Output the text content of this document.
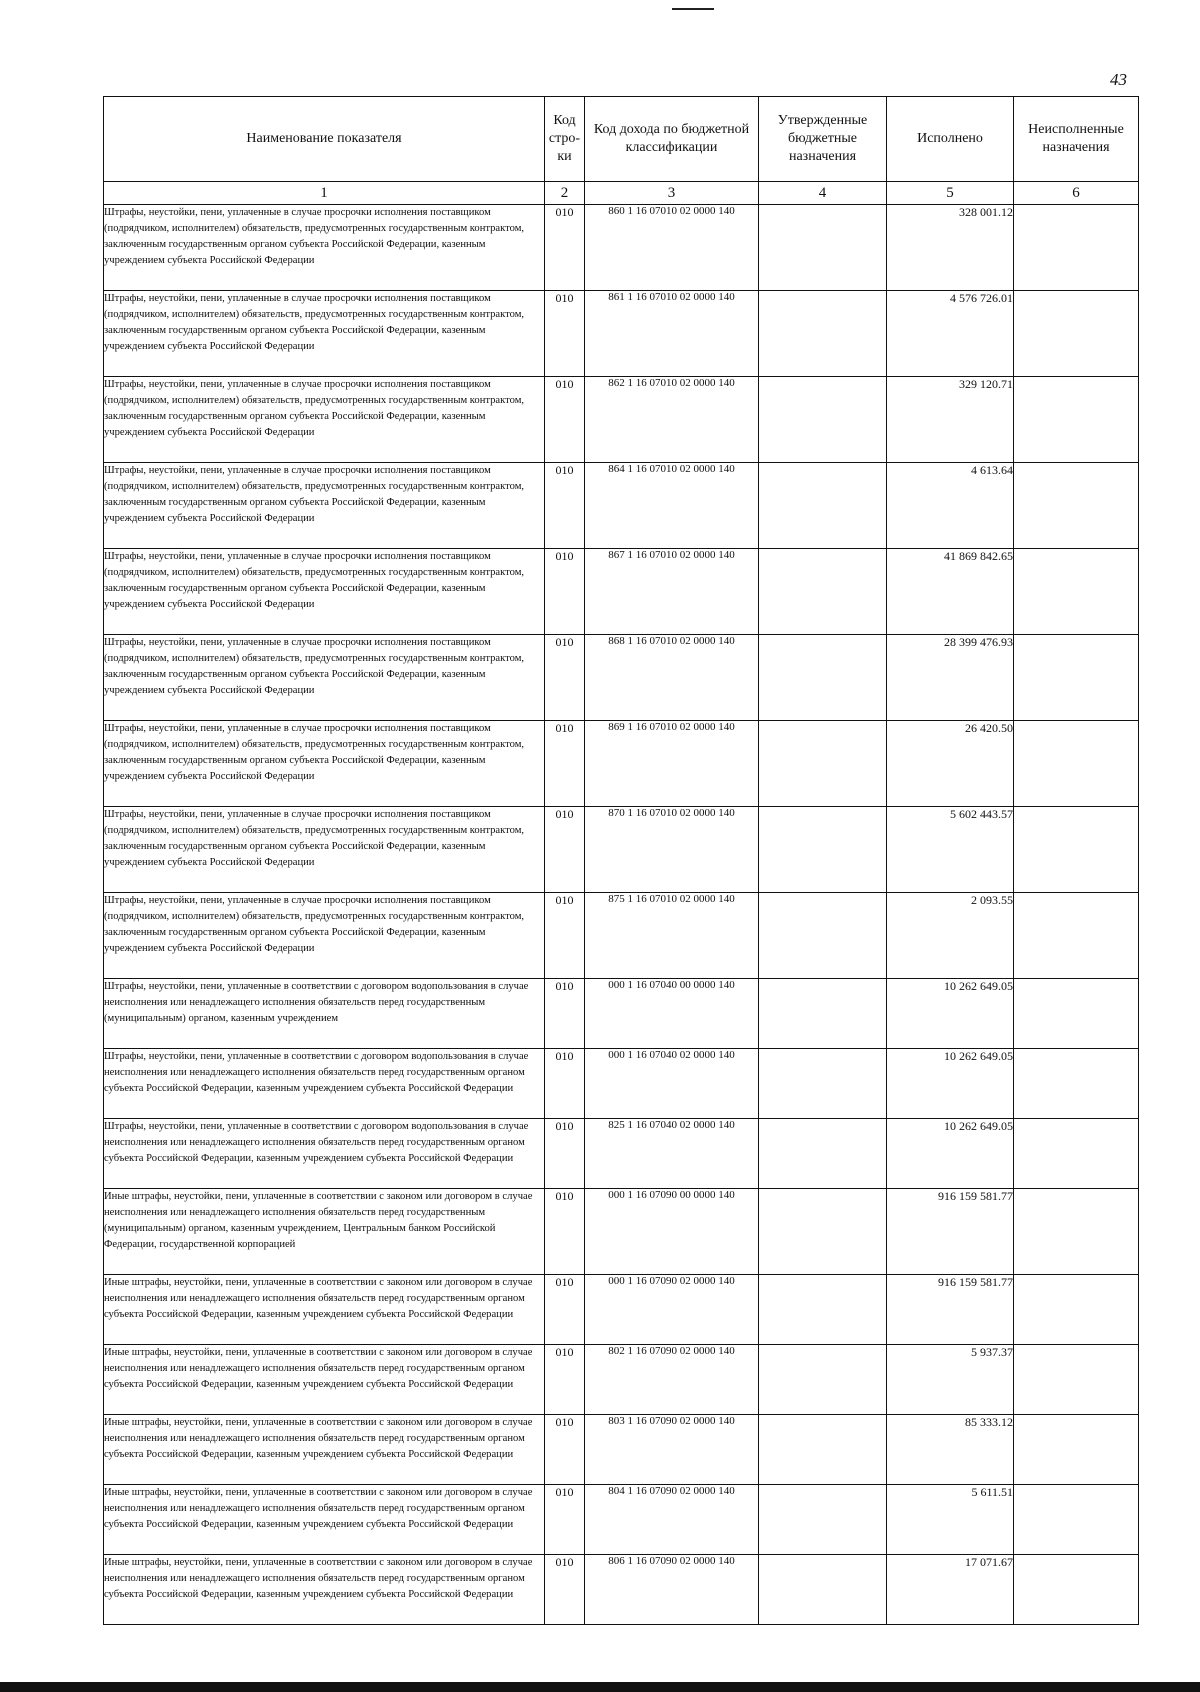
43
Наименование показателя	Код стро-ки	Код дохода по бюджетной классификации	Утвержденные бюджетные назначения	Исполнено	Неисполненные назначения
1	2	3	4	5	6
Штрафы, неустойки, пени, уплаченные в случае просрочки исполнения поставщиком (подрядчиком, исполнителем) обязательств, предусмотренных государственным контрактом, заключенным государственным органом субъекта Российской Федерации, казенным учреждением субъекта Российской Федерации	010	860 1 16 07010 02 0000 140		328 001.12	
Штрафы, неустойки, пени, уплаченные в случае просрочки исполнения поставщиком (подрядчиком, исполнителем) обязательств, предусмотренных государственным контрактом, заключенным государственным органом субъекта Российской Федерации, казенным учреждением субъекта Российской Федерации	010	861 1 16 07010 02 0000 140		4 576 726.01	
Штрафы, неустойки, пени, уплаченные в случае просрочки исполнения поставщиком (подрядчиком, исполнителем) обязательств, предусмотренных государственным контрактом, заключенным государственным органом субъекта Российской Федерации, казенным учреждением субъекта Российской Федерации	010	862 1 16 07010 02 0000 140		329 120.71	
Штрафы, неустойки, пени, уплаченные в случае просрочки исполнения поставщиком (подрядчиком, исполнителем) обязательств, предусмотренных государственным контрактом, заключенным государственным органом субъекта Российской Федерации, казенным учреждением субъекта Российской Федерации	010	864 1 16 07010 02 0000 140		4 613.64	
Штрафы, неустойки, пени, уплаченные в случае просрочки исполнения поставщиком (подрядчиком, исполнителем) обязательств, предусмотренных государственным контрактом, заключенным государственным органом субъекта Российской Федерации, казенным учреждением субъекта Российской Федерации	010	867 1 16 07010 02 0000 140		41 869 842.65	
Штрафы, неустойки, пени, уплаченные в случае просрочки исполнения поставщиком (подрядчиком, исполнителем) обязательств, предусмотренных государственным контрактом, заключенным государственным органом субъекта Российской Федерации, казенным учреждением субъекта Российской Федерации	010	868 1 16 07010 02 0000 140		28 399 476.93	
Штрафы, неустойки, пени, уплаченные в случае просрочки исполнения поставщиком (подрядчиком, исполнителем) обязательств, предусмотренных государственным контрактом, заключенным государственным органом субъекта Российской Федерации, казенным учреждением субъекта Российской Федерации	010	869 1 16 07010 02 0000 140		26 420.50	
Штрафы, неустойки, пени, уплаченные в случае просрочки исполнения поставщиком (подрядчиком, исполнителем) обязательств, предусмотренных государственным контрактом, заключенным государственным органом субъекта Российской Федерации, казенным учреждением субъекта Российской Федерации	010	870 1 16 07010 02 0000 140		5 602 443.57	
Штрафы, неустойки, пени, уплаченные в случае просрочки исполнения поставщиком (подрядчиком, исполнителем) обязательств, предусмотренных государственным контрактом, заключенным государственным органом субъекта Российской Федерации, казенным учреждением субъекта Российской Федерации	010	875 1 16 07010 02 0000 140		2 093.55	
Штрафы, неустойки, пени, уплаченные в соответствии с договором водопользования в случае неисполнения или ненадлежащего исполнения обязательств перед государственным (муниципальным) органом, казенным учреждением	010	000 1 16 07040 00 0000 140		10 262 649.05	
Штрафы, неустойки, пени, уплаченные в соответствии с договором водопользования в случае неисполнения или ненадлежащего исполнения обязательств перед государственным органом субъекта Российской Федерации, казенным учреждением субъекта Российской Федерации	010	000 1 16 07040 02 0000 140		10 262 649.05	
Штрафы, неустойки, пени, уплаченные в соответствии с договором водопользования в случае неисполнения или ненадлежащего исполнения обязательств перед государственным органом субъекта Российской Федерации, казенным учреждением субъекта Российской Федерации	010	825 1 16 07040 02 0000 140		10 262 649.05	
Иные штрафы, неустойки, пени, уплаченные в соответствии с законом или договором в случае неисполнения или ненадлежащего исполнения обязательств перед государственным (муниципальным) органом, казенным учреждением, Центральным банком Российской Федерации, государственной корпорацией	010	000 1 16 07090 00 0000 140		916 159 581.77	
Иные штрафы, неустойки, пени, уплаченные в соответствии с законом или договором в случае неисполнения или ненадлежащего исполнения обязательств перед государственным органом субъекта Российской Федерации, казенным учреждением субъекта Российской Федерации	010	000 1 16 07090 02 0000 140		916 159 581.77	
Иные штрафы, неустойки, пени, уплаченные в соответствии с законом или договором в случае неисполнения или ненадлежащего исполнения обязательств перед государственным органом субъекта Российской Федерации, казенным учреждением субъекта Российской Федерации	010	802 1 16 07090 02 0000 140		5 937.37	
Иные штрафы, неустойки, пени, уплаченные в соответствии с законом или договором в случае неисполнения или ненадлежащего исполнения обязательств перед государственным органом субъекта Российской Федерации, казенным учреждением субъекта Российской Федерации	010	803 1 16 07090 02 0000 140		85 333.12	
Иные штрафы, неустойки, пени, уплаченные в соответствии с законом или договором в случае неисполнения или ненадлежащего исполнения обязательств перед государственным органом субъекта Российской Федерации, казенным учреждением субъекта Российской Федерации	010	804 1 16 07090 02 0000 140		5 611.51	
Иные штрафы, неустойки, пени, уплаченные в соответствии с законом или договором в случае неисполнения или ненадлежащего исполнения обязательств перед государственным органом субъекта Российской Федерации, казенным учреждением субъекта Российской Федерации	010	806 1 16 07090 02 0000 140		17 071.67	
